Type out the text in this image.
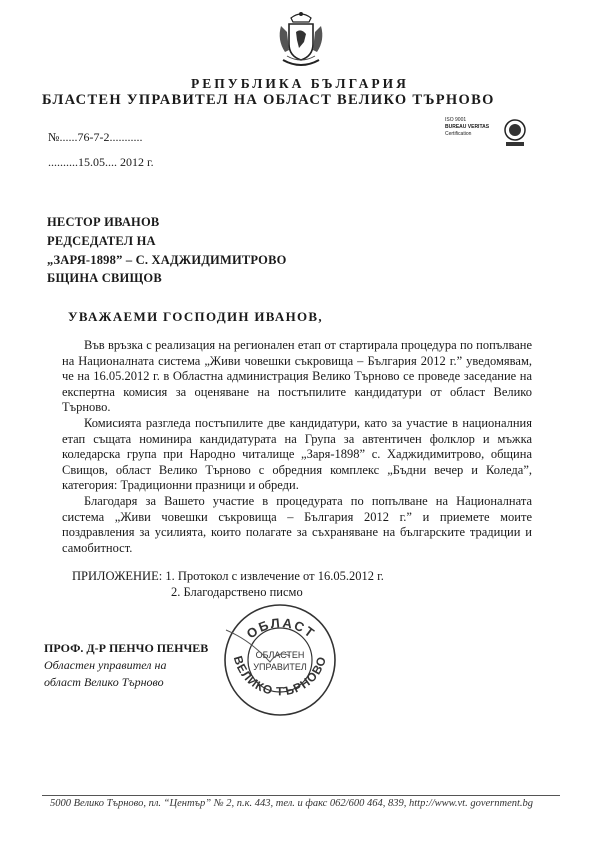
РЕПУБЛИКА БЪЛГАРИЯ
БЛАСТЕН УПРАВИТЕЛ НА ОБЛАСТ ВЕЛИКО ТЪРНОВО
№......76-7-2...........
..........15.05.... 2012 г.
ISO 9001
BUREAU VERITAS
Certification
НЕСТОР ИВАНОВ
РЕДСЕДАТЕЛ НА
„ЗАРЯ-1898” – С. ХАДЖИДИМИТРОВО
БЩИНА СВИЩОВ
УВАЖАЕМИ ГОСПОДИН ИВАНОВ,

Във връзка с реализация на регионален етап от стартирала процедура по попълване на Националната система „Живи човешки съкровища – България 2012 г.” уведомявам, че на 16.05.2012 г. в Областна администрация Велико Търново се проведе заседание на експертна комисия за оценяване на постъпилите кандидатури от област Велико Търново.

Комисията разгледа постъпилите две кандидатури, като за участие в националния етап същата номинира кандидатурата на Група за автентичен фолклор и мъжка коледарска група при Народно читалище „Заря-1898” с. Хаджидимитрово, община Свищов, област Велико Търново с обредния комплекс „Бъдни вечер и Коледа”, категория: Традиционни празници и обреди.

Благодаря за Вашето участие в процедурата по попълване на Националната система „Живи човешки съкровища – България 2012 г.” и приемете моите поздравления за усилията, които полагате за съхраняване на българските традиции и самобитност.

ПРИЛОЖЕНИЕ: 1. Протокол с извлечение от 16.05.2012 г.
2. Благодарствено писмо
ПРОФ. Д-Р ПЕНЧО ПЕНЧЕВ
Областен управител на
област Велико Търново
ОБЛАСТ
ВЕЛИКО ТЪРНОВО
ОБЛАСТЕН
УПРАВИТЕЛ
5000 Велико Търново, пл. “Център” № 2, п.к. 443, тел. и факс 062/600 464, 839, http://www.vt. government.bg
